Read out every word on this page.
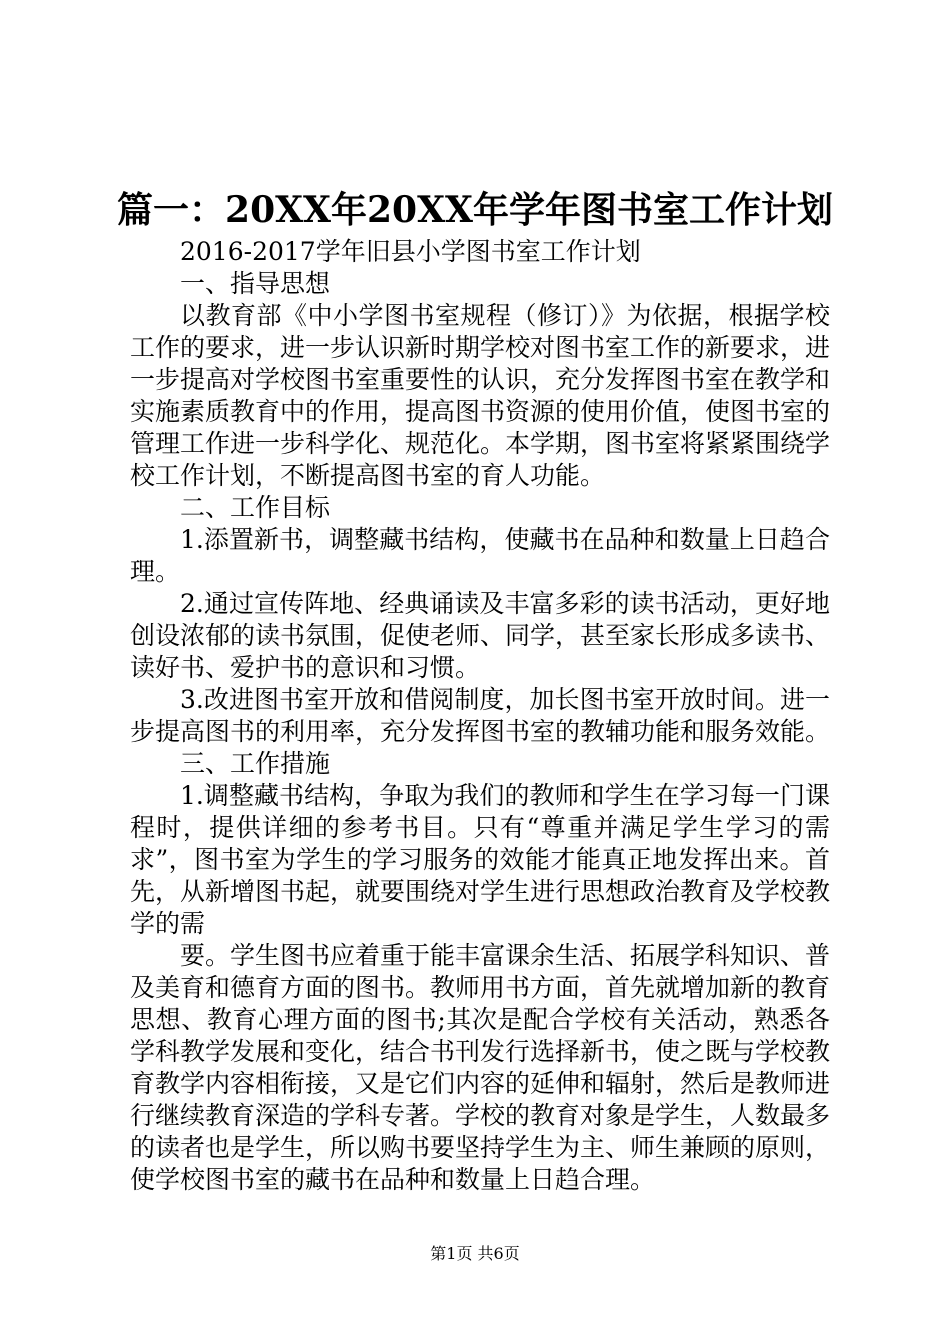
篇一：20XX年20XX年学年图书室工作计划

2016-2017学年旧县小学图书室工作计划

一、指导思想

以教育部《中小学图书室规程（修订）》为依据，根据学校工作的要求，进一步认识新时期学校对图书室工作的新要求，进一步提高对学校图书室重要性的认识，充分发挥图书室在教学和实施素质教育中的作用，提高图书资源的使用价值，使图书室的管理工作进一步科学化、规范化。本学期，图书室将紧紧围绕学校工作计划，不断提高图书室的育人功能。

二、工作目标

1.添置新书，调整藏书结构，使藏书在品种和数量上日趋合理。

2.通过宣传阵地、经典诵读及丰富多彩的读书活动，更好地创设浓郁的读书氛围，促使老师、同学，甚至家长形成多读书、读好书、爱护书的意识和习惯。

3.改进图书室开放和借阅制度，加长图书室开放时间。进一步提高图书的利用率，充分发挥图书室的教辅功能和服务效能。

三、工作措施

1.调整藏书结构，争取为我们的教师和学生在学习每一门课程时，提供详细的参考书目。只有“尊重并满足学生学习的需求”，图书室为学生的学习服务的效能才能真正地发挥出来。首先，从新增图书起，就要围绕对学生进行思想政治教育及学校教学的需

要。学生图书应着重于能丰富课余生活、拓展学科知识、普及美育和德育方面的图书。教师用书方面，首先就增加新的教育思想、教育心理方面的图书;其次是配合学校有关活动，熟悉各学科教学发展和变化，结合书刊发行选择新书，使之既与学校教育教学内容相衔接，又是它们内容的延伸和辐射，然后是教师进行继续教育深造的学科专著。学校的教育对象是学生，人数最多的读者也是学生，所以购书要坚持学生为主、师生兼顾的原则，使学校图书室的藏书在品种和数量上日趋合理。

第1页 共6页
